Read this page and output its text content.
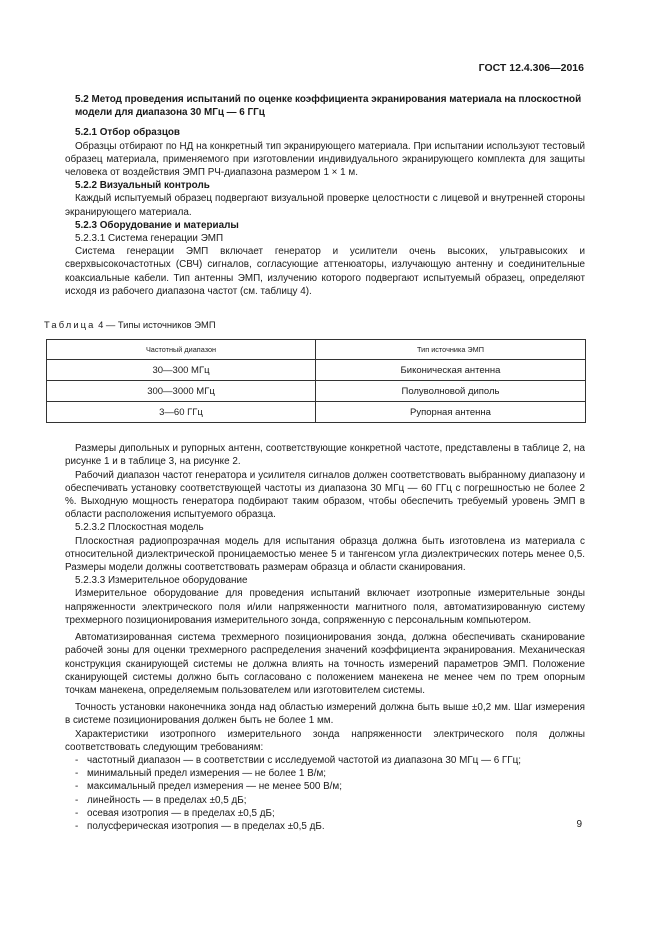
ГОСТ 12.4.306—2016
5.2 Метод проведения испытаний по оценке коэффициента экранирования материала на плоскостной модели для диапазона 30 МГц — 6 ГГц
5.2.1 Отбор образцов
Образцы отбирают по НД на конкретный тип экранирующего материала. При испытании используют тестовый образец материала, применяемого при изготовлении индивидуального экранирующего комплекта для защиты человека от воздействия ЭМП РЧ-диапазона размером 1 × 1 м.
5.2.2 Визуальный контроль
Каждый испытуемый образец подвергают визуальной проверке целостности с лицевой и внутренней стороны экранирующего материала.
5.2.3 Оборудование и материалы
5.2.3.1 Система генерации ЭМП
Система генерации ЭМП включает генератор и усилители очень высоких, ультравысоких и сверхвысокочастотных (СВЧ) сигналов, согласующие аттенюаторы, излучающую антенну и соединительные коаксиальные кабели. Тип антенны ЭМП, излучению которого подвергают испытуемый образец, определяют исходя из рабочего диапазона частот (см. таблицу 4).
Таблица 4 — Типы источников ЭМП
Частотный диапазон	Тип источника ЭМП
30—300 МГц	Биконическая антенна
300—3000 МГц	Полуволновой диполь
3—60 ГГц	Рупорная антенна
Размеры дипольных и рупорных антенн, соответствующие конкретной частоте, представлены в таблице 2, на рисунке 1 и в таблице 3, на рисунке 2.
Рабочий диапазон частот генератора и усилителя сигналов должен соответствовать выбранному диапазону и обеспечивать установку соответствующей частоты из диапазона 30 МГц — 60 ГГц с погрешностью не более 2 %. Выходную мощность генератора подбирают таким образом, чтобы обеспечить требуемый уровень ЭМП в области расположения испытуемого образца.
5.2.3.2 Плоскостная модель
Плоскостная радиопрозрачная модель для испытания образца должна быть изготовлена из материала с относительной диэлектрической проницаемостью менее 5 и тангенсом угла диэлектрических потерь менее 0,5. Размеры модели должны соответствовать размерам образца и области сканирования.
5.2.3.3 Измерительное оборудование
Измерительное оборудование для проведения испытаний включает изотропные измерительные зонды напряженности электрического поля и/или напряженности магнитного поля, автоматизированную систему трехмерного позиционирования измерительного зонда, сопряженную с персональным компьютером.
Автоматизированная система трехмерного позиционирования зонда, должна обеспечивать сканирование рабочей зоны для оценки трехмерного распределения значений коэффициента экранирования. Механическая конструкция сканирующей системы не должна влиять на точность измерений параметров ЭМП. Положение сканирующей системы должно быть согласовано с положением манекена не менее чем по трем опорным точкам манекена, определяемым пользователем или изготовителем системы.
Точность установки наконечника зонда над областью измерений должна быть выше ±0,2 мм. Шаг измерения в системе позиционирования должен быть не более 1 мм.
Характеристики изотропного измерительного зонда напряженности электрического поля должны соответствовать следующим требованиям:
- частотный диапазон — в соответствии с исследуемой частотой из диапазона 30 МГц — 6 ГГц;
- минимальный предел измерения — не более 1 В/м;
- максимальный предел измерения — не менее 500 В/м;
- линейность — в пределах ±0,5 дБ;
- осевая изотропия — в пределах ±0,5 дБ;
- полусферическая изотропия — в пределах ±0,5 дБ.	9
